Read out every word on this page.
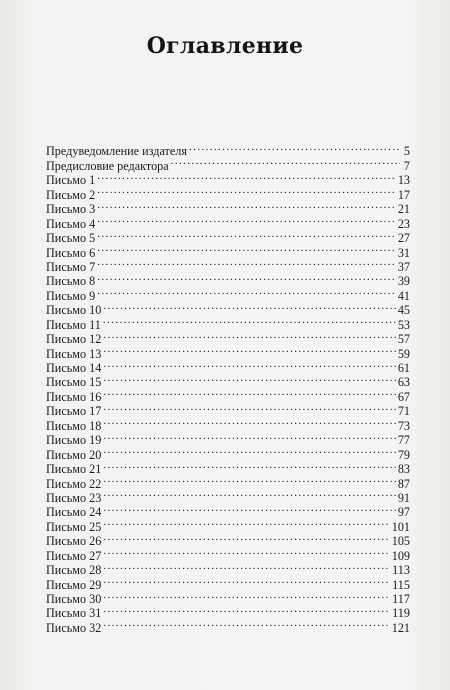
Оглавление
Предуведомление издателя .....	5
Предисловие редактора .....	7
Письмо 1 .....	13
Письмо 2 .....	17
Письмо 3 .....	21
Письмо 4 .....	23
Письмо 5 .....	27
Письмо 6 .....	31
Письмо 7 .....	37
Письмо 8 .....	39
Письмо 9 .....	41
Письмо 10 .....	45
Письмо 11 .....	53
Письмо 12 .....	57
Письмо 13 .....	59
Письмо 14 .....	61
Письмо 15 .....	63
Письмо 16 .....	67
Письмо 17 .....	71
Письмо 18 .....	73
Письмо 19 .....	77
Письмо 20 .....	79
Письмо 21 .....	83
Письмо 22 .....	87
Письмо 23 .....	91
Письмо 24 .....	97
Письмо 25 .....	101
Письмо 26 .....	105
Письмо 27 .....	109
Письмо 28 .....	113
Письмо 29 .....	115
Письмо 30 .....	117
Письмо 31 .....	119
Письмо 32 .....	121
